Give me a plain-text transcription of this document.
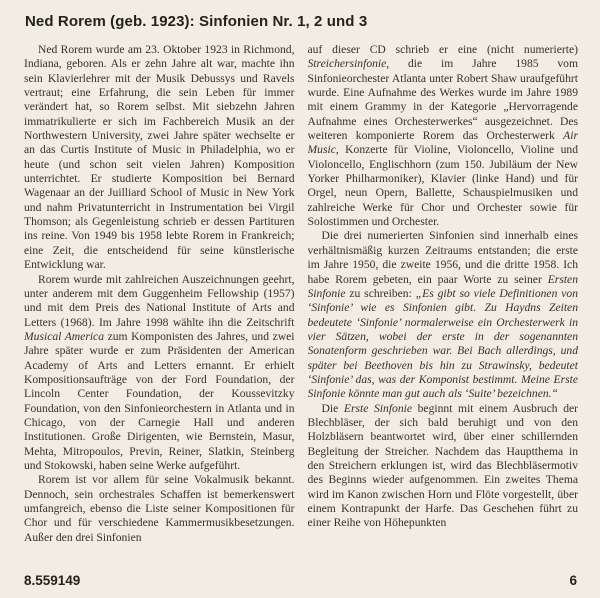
Ned Rorem (geb. 1923): Sinfonien Nr. 1, 2 und 3

Ned Rorem wurde am 23. Oktober 1923 in Richmond, Indiana, geboren. Als er zehn Jahre alt war, machte ihn sein Klavierlehrer mit der Musik Debussys und Ravels vertraut; eine Erfahrung, die sein Leben für immer verändert hat, so Rorem selbst. Mit siebzehn Jahren immatrikulierte er sich im Fachbereich Musik an der Northwestern University, zwei Jahre später wechselte er an das Curtis Institute of Music in Philadelphia, wo er heute (und schon seit vielen Jahren) Komposition unterrichtet. Er studierte Komposition bei Bernard Wagenaar an der Juilliard School of Music in New York und nahm Privatunterricht in Instrumentation bei Virgil Thomson; als Gegenleistung schrieb er dessen Partituren ins reine. Von 1949 bis 1958 lebte Rorem in Frankreich; eine Zeit, die entscheidend für seine künstlerische Entwicklung war.

Rorem wurde mit zahlreichen Auszeichnungen geehrt, unter anderem mit dem Guggenheim Fellowship (1957) und mit dem Preis des National Institute of Arts and Letters (1968). Im Jahre 1998 wählte ihn die Zeitschrift Musical America zum Komponisten des Jahres, und zwei Jahre später wurde er zum Präsidenten der American Academy of Arts and Letters ernannt. Er erhielt Kompositionsaufträge von der Ford Foundation, der Lincoln Center Foundation, der Koussevitzky Foundation, von den Sinfonieorchestern in Atlanta und in Chicago, von der Carnegie Hall und anderen Institutionen. Große Dirigenten, wie Bernstein, Masur, Mehta, Mitropoulos, Previn, Reiner, Slatkin, Steinberg und Stokowski, haben seine Werke aufgeführt.

Rorem ist vor allem für seine Vokalmusik bekannt. Dennoch, sein orchestrales Schaffen ist bemerkenswert umfangreich, ebenso die Liste seiner Kompositionen für Chor und für verschiedene Kammermusikbesetzungen. Außer den drei Sinfonien

auf dieser CD schrieb er eine (nicht numerierte) Streichersinfonie, die im Jahre 1985 vom Sinfonieorchester Atlanta unter Robert Shaw uraufgeführt wurde. Eine Aufnahme des Werkes wurde im Jahre 1989 mit einem Grammy in der Kategorie „Hervorragende Aufnahme eines Orchesterwerkes“ ausgezeichnet. Des weiteren komponierte Rorem das Orchesterwerk Air Music, Konzerte für Violine, Violoncello, Violine und Violoncello, Englischhorn (zum 150. Jubiläum der New Yorker Philharmoniker), Klavier (linke Hand) und für Orgel, neun Opern, Ballette, Schauspielmusiken und zahlreiche Werke für Chor und Orchester sowie für Solostimmen und Orchester.

Die drei numerierten Sinfonien sind innerhalb eines verhältnismäßig kurzen Zeitraums entstanden; die erste im Jahre 1950, die zweite 1956, und die dritte 1958. Ich habe Rorem gebeten, ein paar Worte zu seiner Ersten Sinfonie zu schreiben: „Es gibt so viele Definitionen von ‘Sinfonie’ wie es Sinfonien gibt. Zu Haydns Zeiten bedeutete ‘Sinfonie’ normalerweise ein Orchesterwerk in vier Sätzen, wobei der erste in der sogenannten Sonatenform geschrieben war. Bei Bach allerdings, und später bei Beethoven bis hin zu Strawinsky, bedeutet ‘Sinfonie’ das, was der Komponist bestimmt. Meine Erste Sinfonie könnte man gut auch als ‘Suite’ bezeichnen.“

Die Erste Sinfonie beginnt mit einem Ausbruch der Blechbläser, der sich bald beruhigt und von den Holzbläsern beantwortet wird, über einer schillernden Begleitung der Streicher. Nachdem das Hauptthema in den Streichern erklungen ist, wird das Blechbläsermotiv des Beginns wieder aufgenommen. Ein zweites Thema wird im Kanon zwischen Horn und Flöte vorgestellt, über einem Kontrapunkt der Harfe. Das Geschehen führt zu einer Reihe von Höhepunkten

8.559149	6
